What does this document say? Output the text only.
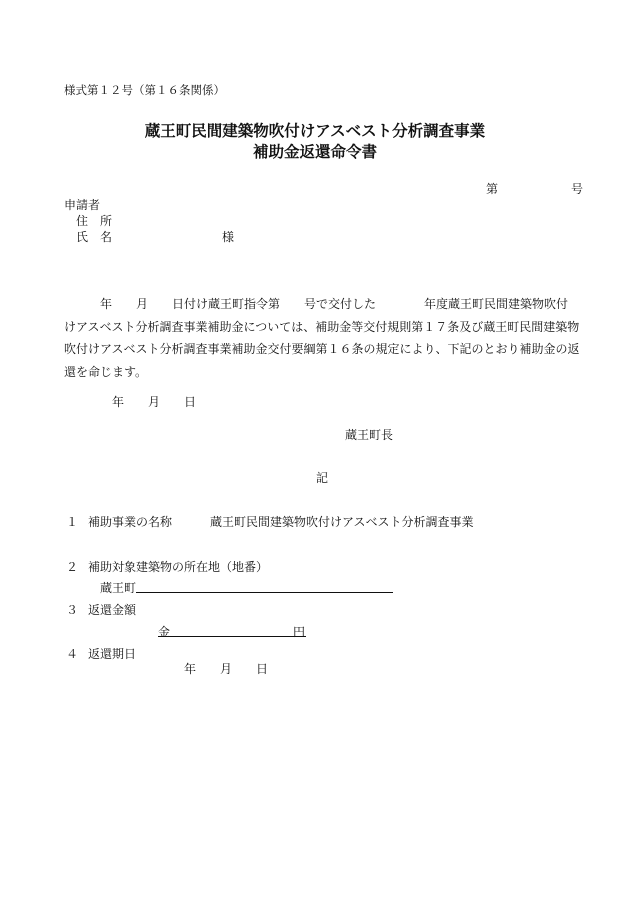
様式第１２号（第１６条関係）
蔵王町民間建築物吹付けアスベスト分析調査事業
補助金返還命令書
第	号
申請者
住　所
氏　名	様
　　　年　　月　　日付け蔵王町指令第　　号で交付した　　　　年度蔵王町民間建築物吹付
けアスベスト分析調査事業補助金については、補助金等交付規則第１７条及び蔵王町民間建築物
吹付けアスベスト分析調査事業補助金交付要綱第１６条の規定により、下記のとおり補助金の返
還を命じます。
年　　月　　日
蔵王町長
記
１ 補助事業の名称	蔵王町民間建築物吹付けアスベスト分析調査事業
２ 補助対象建築物の所在地（地番）
蔵王町
３ 返還金額
金	円
４ 返還期日
年　　月　　日
